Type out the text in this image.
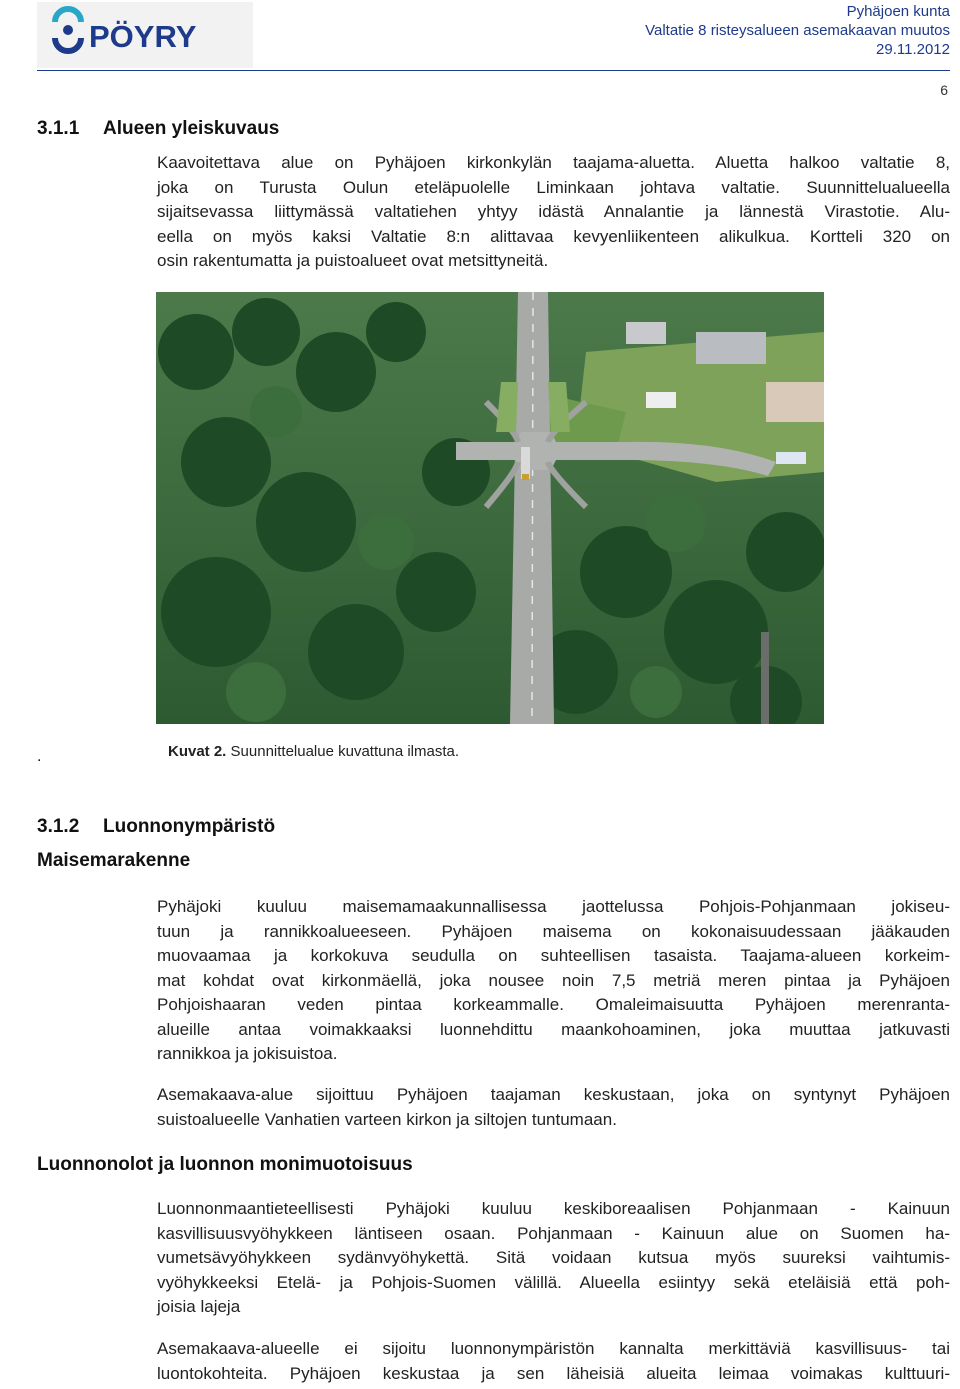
PÖYRY
Pyhäjoen kunta
Valtatie 8 risteysalueen asemakaavan muutos
29.11.2012
6
3.1.1 Alueen yleiskuvaus
Kaavoitettava alue on Pyhäjoen kirkonkylän taajama-aluetta. Aluetta halkoo valtatie 8,
joka on Turusta Oulun eteläpuolelle Liminkaan johtava valtatie. Suunnittelualueella
sijaitsevassa liittymässä valtatiehen yhtyy idästä Annalantie ja lännestä Virastotie. Alu-
eella on myös kaksi Valtatie 8:n alittavaa kevyenliikenteen alikulkua. Kortteli 320 on
osin rakentumatta ja puistoalueet ovat metsittyneitä.
.	Kuvat 2. Suunnittelualue kuvattuna ilmasta.
3.1.2 Luonnonympäristö
Maisemarakenne
Pyhäjoki kuuluu maisemamaakunnallisessa jaottelussa Pohjois-Pohjanmaan jokiseu-
tuun ja rannikkoalueeseen. Pyhäjoen maisema on kokonaisuudessaan jääkauden
muovaamaa ja korkokuva seudulla on suhteellisen tasaista. Taajama-alueen korkeim-
mat kohdat ovat kirkonmäellä, joka nousee noin 7,5 metriä meren pintaa ja Pyhäjoen
Pohjoishaaran veden pintaa korkeammalle. Omaleimaisuutta Pyhäjoen merenranta-
alueille antaa voimakkaaksi luonnehdittu maankohoaminen, joka muuttaa jatkuvasti
rannikkoa ja jokisuistoa.
Asemakaava-alue sijoittuu Pyhäjoen taajaman keskustaan, joka on syntynyt Pyhäjoen
suistoalueelle Vanhatien varteen kirkon ja siltojen tuntumaan.
Luonnonolot ja luonnon monimuotoisuus
Luonnonmaantieteellisesti Pyhäjoki kuuluu keskiboreaalisen Pohjanmaan - Kainuun
kasvillisuusvyöhykkeen läntiseen osaan. Pohjanmaan - Kainuun alue on Suomen ha-
vumetsävyöhykkeen sydänvyöhykettä. Sitä voidaan kutsua myös suureksi vaihtumis-
vyöhykkeeksi Etelä- ja Pohjois-Suomen välillä. Alueella esiintyy sekä eteläisiä että poh-
joisia lajeja
Asemakaava-alueelle ei sijoitu luonnonympäristön kannalta merkittäviä kasvillisuus- tai
luontokohteita. Pyhäjoen keskustaa ja sen läheisiä alueita leimaa voimakas kulttuuri-
